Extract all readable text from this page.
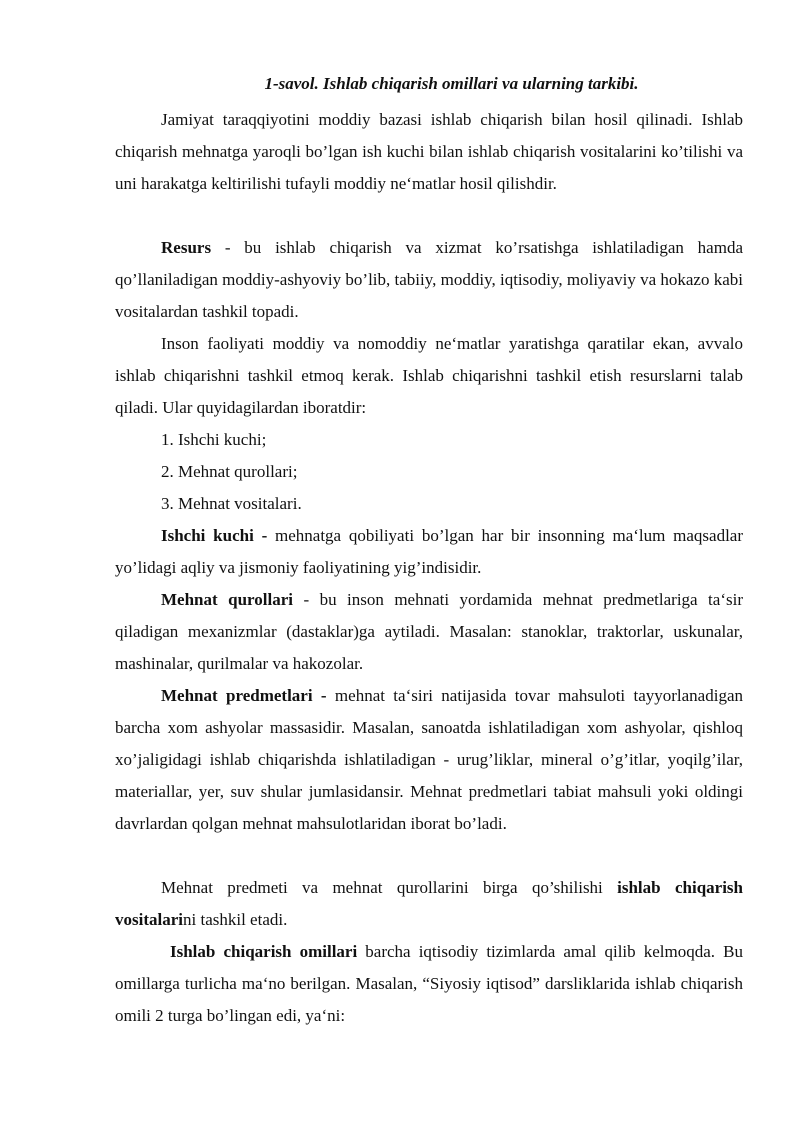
1-savol. Ishlab chiqarish omillari va ularning tarkibi.

Jamiyat taraqqiyotini moddiy bazasi ishlab chiqarish bilan hosil qilinadi. Ishlab chiqarish mehnatga yaroqli bo’lgan ish kuchi bilan ishlab chiqarish vositalarini ko’tilishi va uni harakatga keltirilishi tufayli moddiy ne‘matlar hosil qilishdir.

Resurs - bu ishlab chiqarish va xizmat ko’rsatishga ishlatiladigan hamda qo’llaniladigan moddiy-ashyoviy bo’lib, tabiiy, moddiy, iqtisodiy, moliyaviy va hokazo kabi vositalardan tashkil topadi.

Inson faoliyati moddiy va nomoddiy ne‘matlar yaratishga qaratilar ekan, avvalo ishlab chiqarishni tashkil etmoq kerak. Ishlab chiqarishni tashkil etish resurslarni talab qiladi. Ular quyidagilardan iboratdir:

1. Ishchi kuchi;
2. Mehnat qurollari;
3. Mehnat vositalari.

Ishchi kuchi - mehnatga qobiliyati bo’lgan har bir insonning ma‘lum maqsadlar yo’lidagi aqliy va jismoniy faoliyatining yig’indisidir.

Mehnat qurollari - bu inson mehnati yordamida mehnat predmetlariga ta‘sir qiladigan mexanizmlar (dastaklar)ga aytiladi. Masalan: stanoklar, traktorlar, uskunalar, mashinalar, qurilmalar va hakozolar.

Mehnat predmetlari - mehnat ta‘siri natijasida tovar mahsuloti tayyorlanadigan barcha xom ashyolar massasidir. Masalan, sanoatda ishlatiladigan xom ashyolar, qishloq xo’jaligidagi ishlab chiqarishda ishlatiladigan - urug’liklar, mineral o’g’itlar, yoqilg’ilar, materiallar, yer, suv shular jumlasidansir. Mehnat predmetlari tabiat mahsuli yoki oldingi davrlardan qolgan mehnat mahsulotlaridan iborat bo’ladi.

Mehnat predmeti va mehnat qurollarini birga qo’shilishi ishlab chiqarish vositalarini tashkil etadi.

Ishlab chiqarish omillari barcha iqtisodiy tizimlarda amal qilib kelmoqda. Bu omillarga turlicha ma‘no berilgan. Masalan, “Siyosiy iqtisod” darsliklarida ishlab chiqarish omili 2 turga bo’lingan edi, ya‘ni:
